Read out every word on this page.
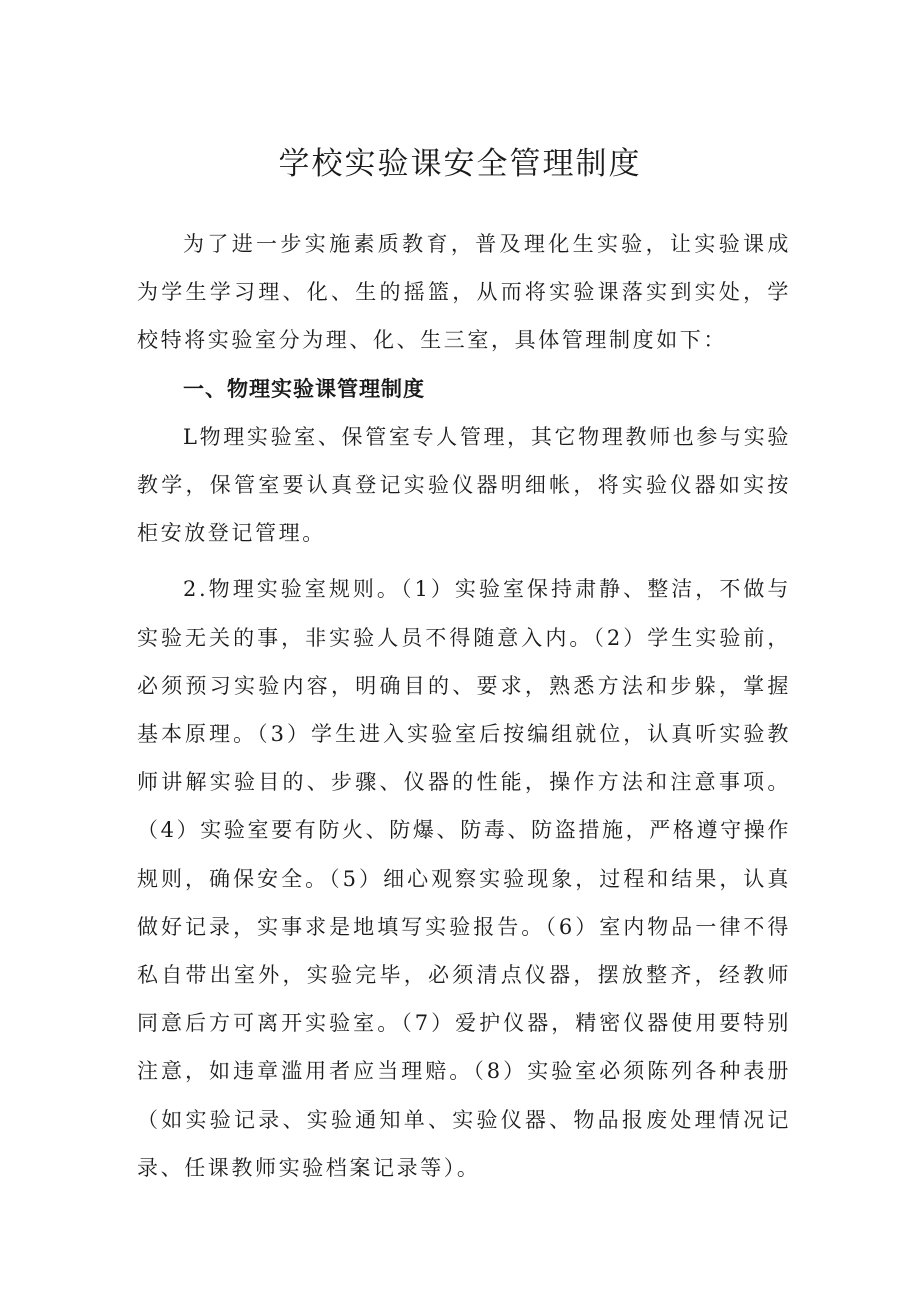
学校实验课安全管理制度

为了进一步实施素质教育，普及理化生实验，让实验课成为学生学习理、化、生的摇篮，从而将实验课落实到实处，学校特将实验室分为理、化、生三室，具体管理制度如下：

一、物理实验课管理制度

L物理实验室、保管室专人管理，其它物理教师也参与实验教学，保管室要认真登记实验仪器明细帐，将实验仪器如实按柜安放登记管理。

2.物理实验室规则。（1）实验室保持肃静、整洁，不做与实验无关的事，非实验人员不得随意入内。（2）学生实验前，必须预习实验内容，明确目的、要求，熟悉方法和步躲，掌握基本原理。（3）学生进入实验室后按编组就位，认真听实验教师讲解实验目的、步骤、仪器的性能，操作方法和注意事项。（4）实验室要有防火、防爆、防毒、防盗措施，严格遵守操作规则，确保安全。（5）细心观察实验现象，过程和结果，认真做好记录，实事求是地填写实验报告。（6）室内物品一律不得私自带出室外，实验完毕，必须清点仪器，摆放整齐，经教师同意后方可离开实验室。（7）爱护仪器，精密仪器使用要特别注意，如违章滥用者应当理赔。（8）实验室必须陈列各种表册（如实验记录、实验通知单、实验仪器、物品报废处理情况记录、任课教师实验档案记录等）。
